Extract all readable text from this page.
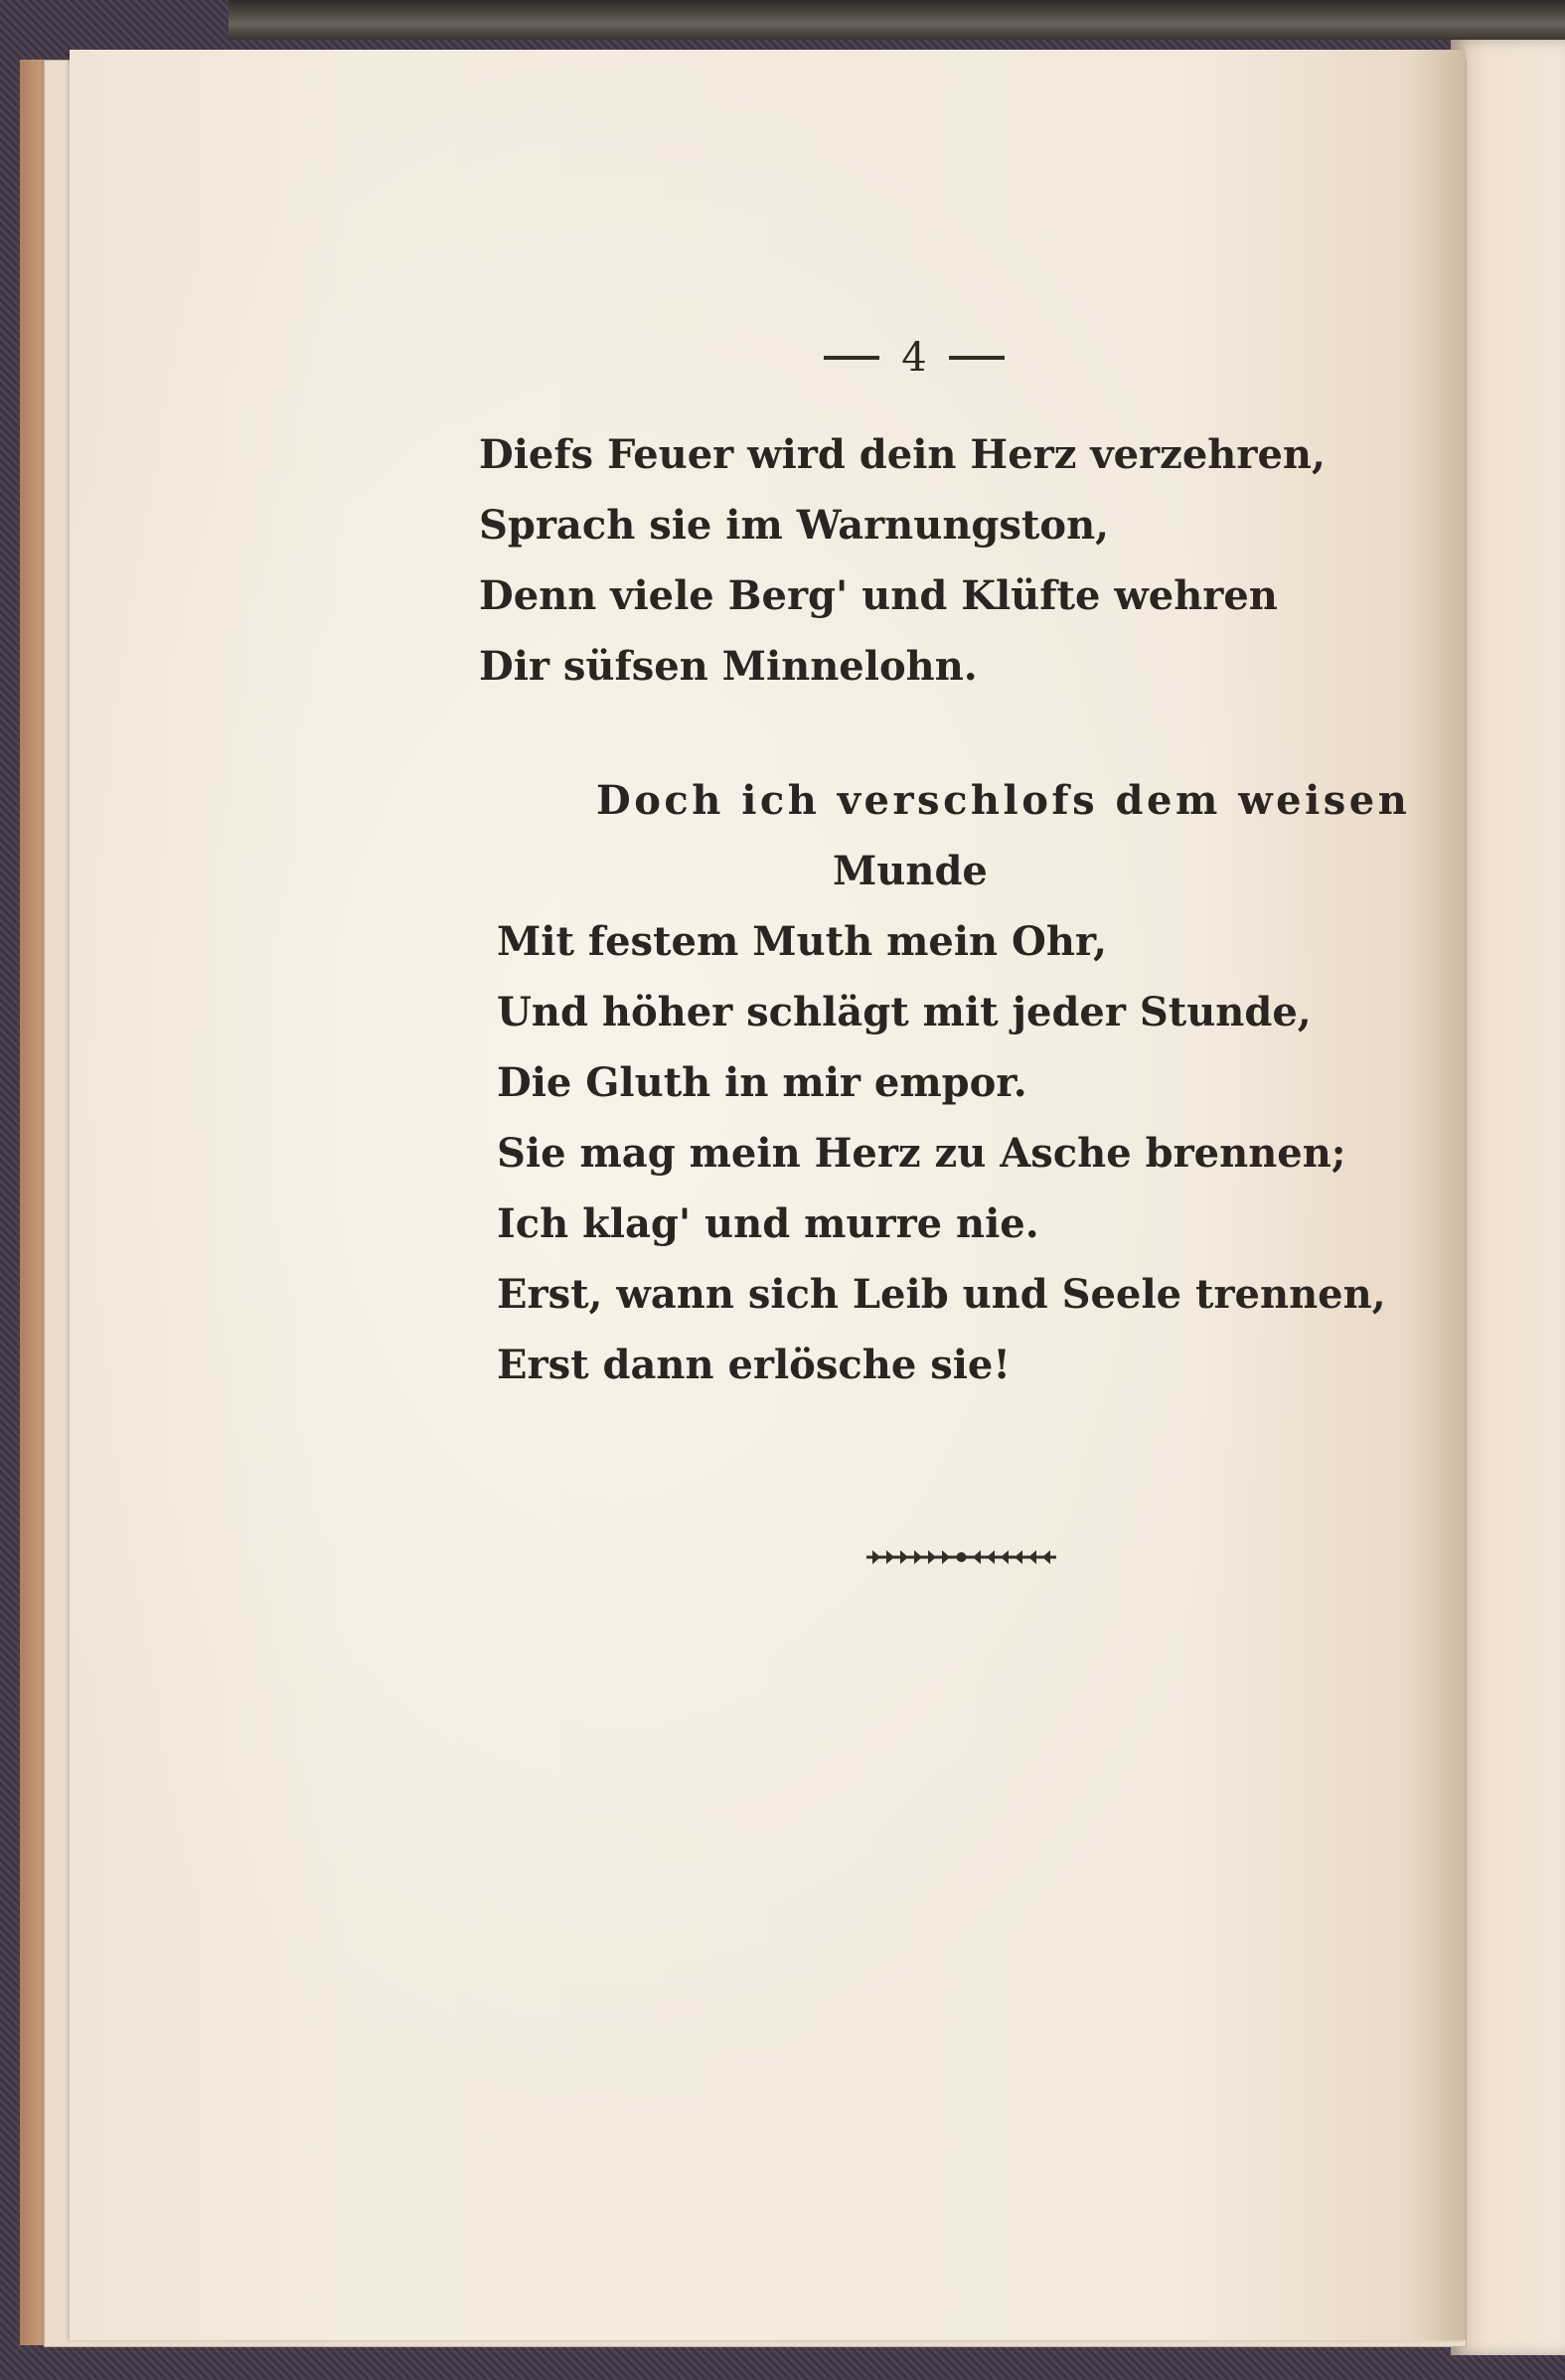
4
Diefs Feuer wird dein Herz verzehren,
Sprach sie im Warnungston,
Denn viele Berg' und Klüfte wehren
Dir süfsen Minnelohn.
Doch ich verschlofs dem weisen
Munde
Mit festem Muth mein Ohr,
Und höher schlägt mit jeder Stunde,
Die Gluth in mir empor.
Sie mag mein Herz zu Asche brennen;
Ich klag' und murre nie.
Erst, wann sich Leib und Seele trennen,
Erst dann erlösche sie!
